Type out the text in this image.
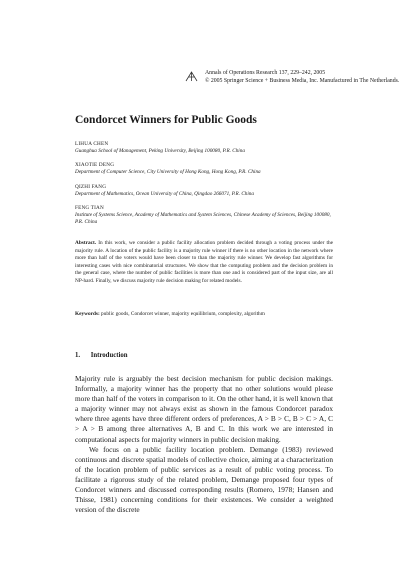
Annals of Operations Research 137, 229–242, 2005
© 2005 Springer Science + Business Media, Inc. Manufactured in The Netherlands.
Condorcet Winners for Public Goods
LIHUA CHEN
Guanghua School of Management, Peking University, Beijing 100080, P.R. China
XIAOTIE DENG
Department of Computer Science, City University of Hong Kong, Hong Kong, P.R. China
QIZHI FANG
Department of Mathematics, Ocean University of China, Qingdao 266071, P.R. China
FENG TIAN
Institute of Systems Science, Academy of Mathematics and System Sciences, Chinese Academy of Sciences, Beijing 100080, P.R. China
Abstract. In this work, we consider a public facility allocation problem decided through a voting process under the majority rule. A location of the public facility is a majority rule winner if there is no other location in the network where more than half of the voters would have been closer to than the majority rule winner. We develop fast algorithms for interesting cases with nice combinatorial structures. We show that the computing problem and the decision problem in the general case, where the number of public facilities is more than one and is considered part of the input size, are all NP-hard. Finally, we discuss majority rule decision making for related models.
Keywords: public goods, Condorcet winner, majority equilibrium, complexity, algorithm
1. Introduction

Majority rule is arguably the best decision mechanism for public decision makings. Informally, a majority winner has the property that no other solutions would please more than half of the voters in comparison to it. On the other hand, it is well known that a majority winner may not always exist as shown in the famous Condorcet paradox where three agents have three different orders of preferences, A > B > C, B > C > A, C > A > B among three alternatives A, B and C. In this work we are interested in computational aspects for majority winners in public decision making.

We focus on a public facility location problem. Demange (1983) reviewed continuous and discrete spatial models of collective choice, aiming at a characterization of the location problem of public services as a result of public voting process. To facilitate a rigorous study of the related problem, Demange proposed four types of Condorcet winners and discussed corresponding results (Romero, 1978; Hansen and Thisse, 1981) concerning conditions for their existences. We consider a weighted version of the discrete
